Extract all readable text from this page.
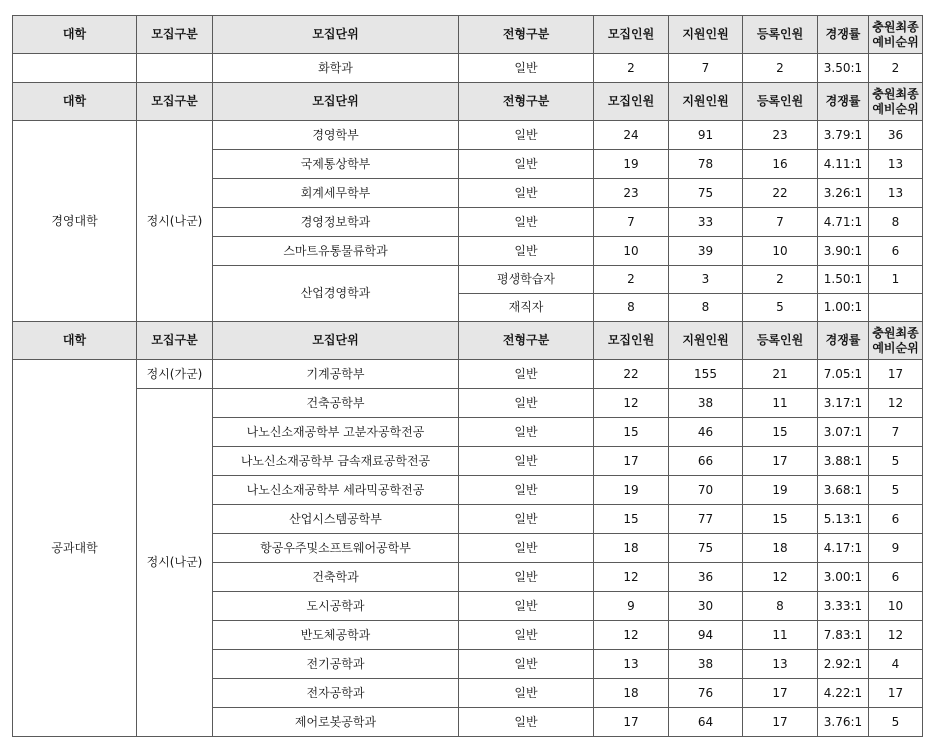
대학	모집구분	모집단위	전형구분	모집인원	지원인원	등록인원	경쟁률	충원최종
예비순위
		화학과	일반	2	7	2	3.50:1	2
대학	모집구분	모집단위	전형구분	모집인원	지원인원	등록인원	경쟁률	충원최종
예비순위
경영대학	정시(나군)	경영학부	일반	24	91	23	3.79:1	36
		국제통상학부	일반	19	78	16	4.11:1	13
		회계세무학부	일반	23	75	22	3.26:1	13
		경영정보학과	일반	7	33	7	4.71:1	8
		스마트유통물류학과	일반	10	39	10	3.90:1	6
		산업경영학과	평생학습자	2	3	2	1.50:1	1
			재직자	8	8	5	1.00:1	
대학	모집구분	모집단위	전형구분	모집인원	지원인원	등록인원	경쟁률	충원최종
예비순위
공과대학	정시(가군)	기계공학부	일반	22	155	21	7.05:1	17
	정시(나군)	건축공학부	일반	12	38	11	3.17:1	12
		나노신소재공학부 고분자공학전공	일반	15	46	15	3.07:1	7
		나노신소재공학부 금속재료공학전공	일반	17	66	17	3.88:1	5
		나노신소재공학부 세라믹공학전공	일반	19	70	19	3.68:1	5
		산업시스템공학부	일반	15	77	15	5.13:1	6
		항공우주및소프트웨어공학부	일반	18	75	18	4.17:1	9
		건축학과	일반	12	36	12	3.00:1	6
		도시공학과	일반	9	30	8	3.33:1	10
		반도체공학과	일반	12	94	11	7.83:1	12
		전기공학과	일반	13	38	13	2.92:1	4
		전자공학과	일반	18	76	17	4.22:1	17
		제어로봇공학과	일반	17	64	17	3.76:1	5
